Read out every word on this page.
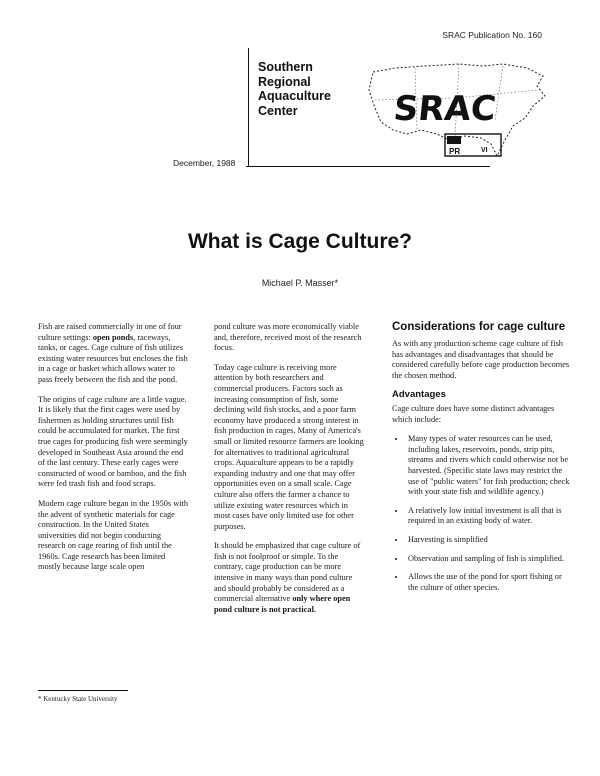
SRAC Publication No. 160
Southern
Regional
Aquaculture
Center	SRAC
PR	VI
December, 1988
What is Cage Culture?
Michael P. Masser*

Fish are raised commercially in one of four culture settings: open ponds, raceways, tanks, or cages. Cage culture of fish utilizes existing water resources but encloses the fish in a cage or basket which allows water to pass freely between the fish and the pond.

The origins of cage culture are a little vague. It is likely that the first cages were used by fishermen as holding structures until fish could be accumulated for market. The first true cages for producing fish were seemingly developed in Southeast Asia around the end of the last century. These early cages were constructed of wood or bamboo, and the fish were fed trash fish and food scraps.

Modern cage culture began in the 1950s with the advent of synthetic materials for cage construction. In the United States universities did not begin conducting research on cage rearing of fish until the 1960s. Cage research has been limited mostly because large scale open

pond culture was more economically viable and, therefore, received most of the research focus.

Today cage culture is receiving more attention by both researchers and commercial producers. Factors such as increasing consumption of fish, some declining wild fish stocks, and a poor farm economy have produced a strong interest in fish production in cages. Many of America's small or limited resource farmers are looking for alternatives to traditional agricultural crops. Aquaculture appears to be a rapidly expanding industry and one that may offer opportunities even on a small scale. Cage culture also offers the farmer a chance to utilize existing water resources which in most cases have only limited use for other purposes.

It should be emphasized that cage culture of fish is not foolproof or simple. To the contrary, cage production can be more intensive in many ways than pond culture and should probably be considered as a commercial alternative only where open pond culture is not practical.

Considerations for cage culture

As with any production scheme cage culture of fish has advantages and disadvantages that should be considered carefully before cage production becomes the chosen method.

Advantages

Cage culture does have some distinct advantages which include:

• Many types of water resources can be used, including lakes, reservoirs, ponds, strip pits, streams and rivers which could otherwise not be harvested. (Specific state laws may restrict the use of "public waters" for fish production; check with your state fish and wildlife agency.)
• A relatively low initial investment is all that is required in an existing body of water.
• Harvesting is simplified
• Observation and sampling of fish is simplified.
• Allows the use of the pond for sport fishing or the culture of other species.
* Kentucky State University
